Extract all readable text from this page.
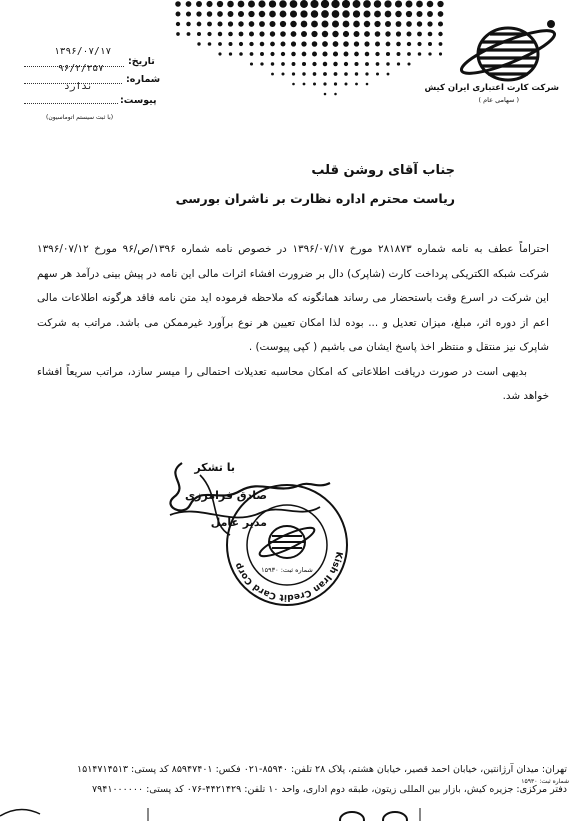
شرکت کارت اعتباری ایران کیش
( سهامی عام )
تاریخ:
۱۳۹۶/۰۷/۱۷
شماره:
۹۶/۲/۲۵۷
پیوست:
ندارد
(با ثبت سیستم اتوماسیون)
جناب آقای روشن قلب
ریاست محترم اداره نظارت بر ناشران بورسی

احتراماً عطف به نامه شماره ۲۸۱۸۷۳ مورخ ۱۳۹۶/۰۷/۱۷ در خصوص نامه شماره ۱۳۹۶/ص/۹۶ مورخ ۱۳۹۶/۰۷/۱۲ شرکت شبکه الکتریکی پرداخت کارت (شاپرک) دال بر ضرورت افشاء اثرات مالی این نامه در پیش بینی درآمد هر سهم این شرکت در اسرع وقت باستحضار می رساند همانگونه که ملاحظه فرموده اید متن نامه فاقد هرگونه اطلاعات مالی اعم از دوره اثر، مبلغ، میزان تعدیل و ... بوده لذا امکان تعیین هر نوع برآورد غیرممکن می باشد. مراتب به شرکت شاپرک نیز منتقل و منتظر اخذ پاسخ ایشان می باشیم ( کپی پیوست) .

بدیهی است در صورت دریافت اطلاعاتی که امکان محاسبه تعدیلات احتمالی را میسر سازد، مراتب سریعاً افشاء خواهد شد.

با تشکر
صادق فرامرزی
مدیر عامل
Kish Iran Credit Card Corp	شماره ثبت: ۱۵۹۳۰
تهران: میدان آرژانتین، خیابان احمد قصیر، خیابان هشتم، پلاک ۲۸ تلفن: ۸۵۹۴۰-۰۲۱ فکس: ۸۵۹۴۷۴۰۱ کد پستی: ۱۵۱۴۷۱۴۵۱۳
دفتر مرکزی: جزیره کیش، بازار بین المللی زیتون، طبقه دوم اداری، واحد ۱۰ تلفن: ۴۴۲۱۴۲۹-۰۷۶ کد پستی: ۷۹۴۱۰۰۰۰۰۰
شماره ثبت: ۱۵۹۳۰
